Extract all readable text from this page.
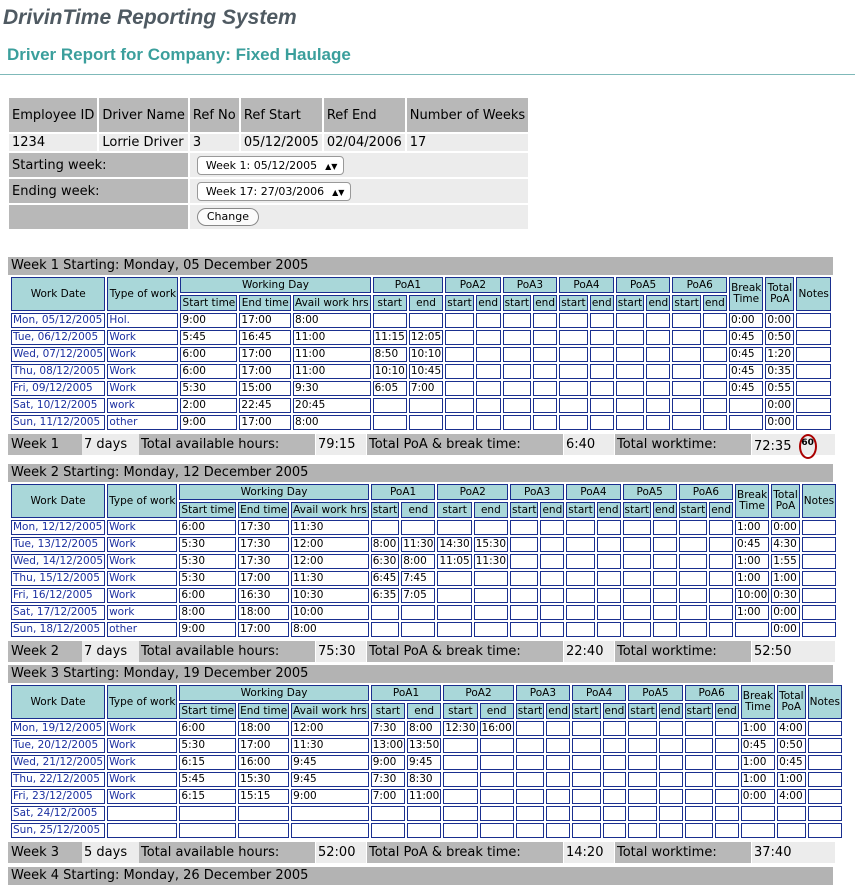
DrivinTime Reporting System
Driver Report for Company: Fixed Haulage
Employee ID	Driver Name	Ref No	Ref Start	Ref End	Number of Weeks
1234	Lorrie Driver	3	05/12/2005	02/04/2006	17
Starting week:		Week 1: 05/12/2005 ▲▼			
Ending week:		Week 17: 27/03/2006 ▲▼			
		Change			
Week 1 Starting: Monday, 05 December 2005
Work Date	Type of work	Working Day			PoA1		PoA2		PoA3		PoA4		PoA5		PoA6		Break Time	Total PoA	Notes
		Start time	End time	Avail work hrs	start	end	start	end	start	end	start	end	start	end	start	end			
Mon, 05/12/2005	Hol.	9:00	17:00	8:00													0:00	0:00	
Tue, 06/12/2005	Work	5:45	16:45	11:00	11:15	12:05											0:45	0:50	
Wed, 07/12/2005	Work	6:00	17:00	11:00	8:50	10:10											0:45	1:20	
Thu, 08/12/2005	Work	6:00	17:00	11:00	10:10	10:45											0:45	0:35	
Fri, 09/12/2005	Work	5:30	15:00	9:30	6:05	7:00											0:45	0:55	
Sat, 10/12/2005	work	2:00	22:45	20:45														0:00	
Sun, 11/12/2005	other	9:00	17:00	8:00														0:00	
Week 1	7 days	Total available hours:	79:15	Total PoA & break time:	6:40	Total worktime:	72:35 60
Week 2 Starting: Monday, 12 December 2005
Work Date	Type of work	Working Day			PoA1		PoA2		PoA3		PoA4		PoA5		PoA6		Break Time	Total PoA	Notes
		Start time	End time	Avail work hrs	start	end	start	end	start	end	start	end	start	end	start	end			
Mon, 12/12/2005	Work	6:00	17:30	11:30													1:00	0:00	
Tue, 13/12/2005	Work	5:30	17:30	12:00	8:00	11:30	14:30	15:30									0:45	4:30	
Wed, 14/12/2005	Work	5:30	17:30	12:00	6:30	8:00	11:05	11:30									1:00	1:55	
Thu, 15/12/2005	Work	5:30	17:00	11:30	6:45	7:45											1:00	1:00	
Fri, 16/12/2005	Work	6:00	16:30	10:30	6:35	7:05											10:00	0:30	
Sat, 17/12/2005	work	8:00	18:00	10:00													1:00	0:00	
Sun, 18/12/2005	other	9:00	17:00	8:00														0:00	
Week 2	7 days	Total available hours:	75:30	Total PoA & break time:	22:40	Total worktime:	52:50
Week 3 Starting: Monday, 19 December 2005
Work Date	Type of work	Working Day			PoA1		PoA2		PoA3		PoA4		PoA5		PoA6		Break Time	Total PoA	Notes
		Start time	End time	Avail work hrs	start	end	start	end	start	end	start	end	start	end	start	end			
Mon, 19/12/2005	Work	6:00	18:00	12:00	7:30	8:00	12:30	16:00									1:00	4:00	
Tue, 20/12/2005	Work	5:30	17:00	11:30	13:00	13:50											0:45	0:50	
Wed, 21/12/2005	Work	6:15	16:00	9:45	9:00	9:45											1:00	0:45	
Thu, 22/12/2005	Work	5:45	15:30	9:45	7:30	8:30											1:00	1:00	
Fri, 23/12/2005	Work	6:15	15:15	9:00	7:00	11:00											0:00	4:00	
Sat, 24/12/2005																			
Sun, 25/12/2005																			
Week 3	5 days	Total available hours:	52:00	Total PoA & break time:	14:20	Total worktime:	37:40
Week 4 Starting: Monday, 26 December 2005
